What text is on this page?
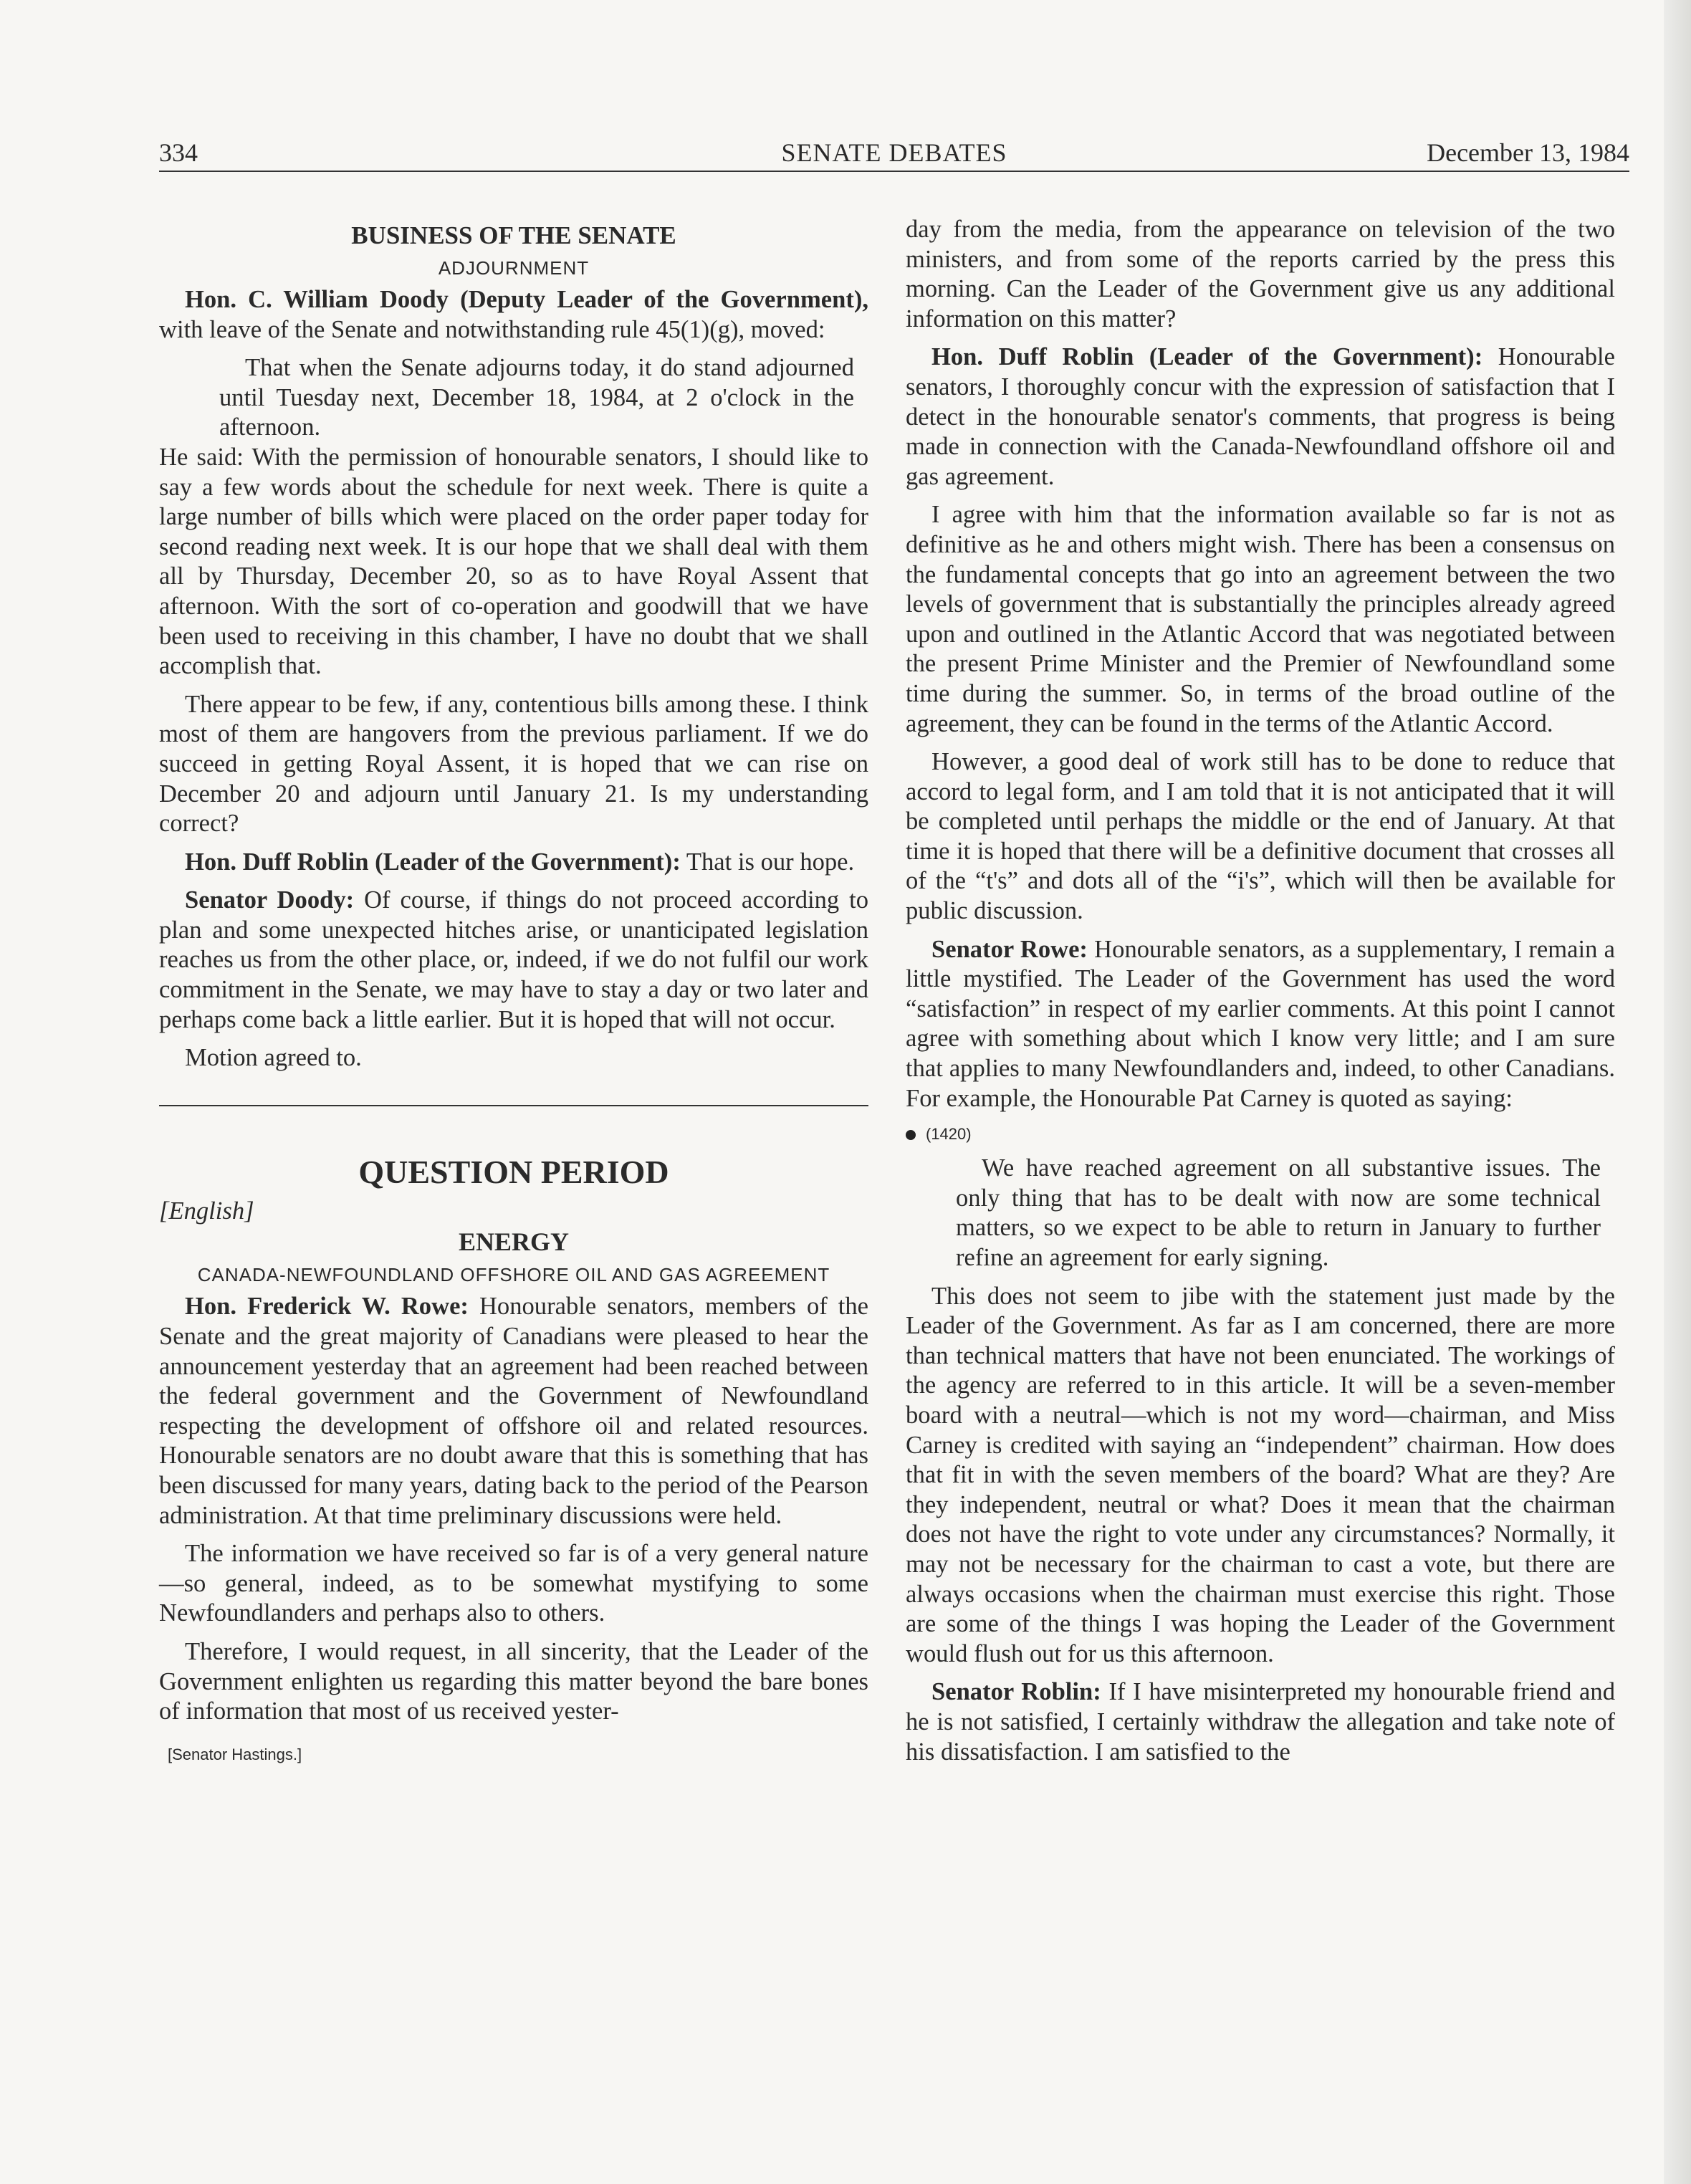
334	SENATE DEBATES	December 13, 1984
BUSINESS OF THE SENATE
ADJOURNMENT

Hon. C. William Doody (Deputy Leader of the Government), with leave of the Senate and notwithstanding rule 45(1)(g), moved:

That when the Senate adjourns today, it do stand adjourned until Tuesday next, December 18, 1984, at 2 o'clock in the afternoon.

He said: With the permission of honourable senators, I should like to say a few words about the schedule for next week. There is quite a large number of bills which were placed on the order paper today for second reading next week. It is our hope that we shall deal with them all by Thursday, December 20, so as to have Royal Assent that afternoon. With the sort of co-operation and goodwill that we have been used to receiving in this chamber, I have no doubt that we shall accomplish that.

There appear to be few, if any, contentious bills among these. I think most of them are hangovers from the previous parliament. If we do succeed in getting Royal Assent, it is hoped that we can rise on December 20 and adjourn until January 21. Is my understanding correct?

Hon. Duff Roblin (Leader of the Government): That is our hope.

Senator Doody: Of course, if things do not proceed according to plan and some unexpected hitches arise, or unanticipated legislation reaches us from the other place, or, indeed, if we do not fulfil our work commitment in the Senate, we may have to stay a day or two later and perhaps come back a little earlier. But it is hoped that will not occur.

Motion agreed to.

QUESTION PERIOD
[English]
ENERGY
CANADA-NEWFOUNDLAND OFFSHORE OIL AND GAS AGREEMENT

Hon. Frederick W. Rowe: Honourable senators, members of the Senate and the great majority of Canadians were pleased to hear the announcement yesterday that an agreement had been reached between the federal government and the Government of Newfoundland respecting the development of offshore oil and related resources. Honourable senators are no doubt aware that this is something that has been discussed for many years, dating back to the period of the Pearson administration. At that time preliminary discussions were held.

The information we have received so far is of a very general nature—so general, indeed, as to be somewhat mystifying to some Newfoundlanders and perhaps also to others.

Therefore, I would request, in all sincerity, that the Leader of the Government enlighten us regarding this matter beyond the bare bones of information that most of us received yester-

[Senator Hastings.]

day from the media, from the appearance on television of the two ministers, and from some of the reports carried by the press this morning. Can the Leader of the Government give us any additional information on this matter?

Hon. Duff Roblin (Leader of the Government): Honourable senators, I thoroughly concur with the expression of satisfaction that I detect in the honourable senator's comments, that progress is being made in connection with the Canada-Newfoundland offshore oil and gas agreement.

I agree with him that the information available so far is not as definitive as he and others might wish. There has been a consensus on the fundamental concepts that go into an agreement between the two levels of government that is substantially the principles already agreed upon and outlined in the Atlantic Accord that was negotiated between the present Prime Minister and the Premier of Newfoundland some time during the summer. So, in terms of the broad outline of the agreement, they can be found in the terms of the Atlantic Accord.

However, a good deal of work still has to be done to reduce that accord to legal form, and I am told that it is not anticipated that it will be completed until perhaps the middle or the end of January. At that time it is hoped that there will be a definitive document that crosses all of the “t's” and dots all of the “i's”, which will then be available for public discussion.

Senator Rowe: Honourable senators, as a supplementary, I remain a little mystified. The Leader of the Government has used the word “satisfaction” in respect of my earlier comments. At this point I cannot agree with something about which I know very little; and I am sure that applies to many Newfoundlanders and, indeed, to other Canadians. For example, the Honourable Pat Carney is quoted as saying:

(1420)

We have reached agreement on all substantive issues. The only thing that has to be dealt with now are some technical matters, so we expect to be able to return in January to further refine an agreement for early signing.

This does not seem to jibe with the statement just made by the Leader of the Government. As far as I am concerned, there are more than technical matters that have not been enunciated. The workings of the agency are referred to in this article. It will be a seven-member board with a neutral—which is not my word—chairman, and Miss Carney is credited with saying an “independent” chairman. How does that fit in with the seven members of the board? What are they? Are they independent, neutral or what? Does it mean that the chairman does not have the right to vote under any circumstances? Normally, it may not be necessary for the chairman to cast a vote, but there are always occasions when the chairman must exercise this right. Those are some of the things I was hoping the Leader of the Government would flush out for us this afternoon.

Senator Roblin: If I have misinterpreted my honourable friend and he is not satisfied, I certainly withdraw the allegation and take note of his dissatisfaction. I am satisfied to the
